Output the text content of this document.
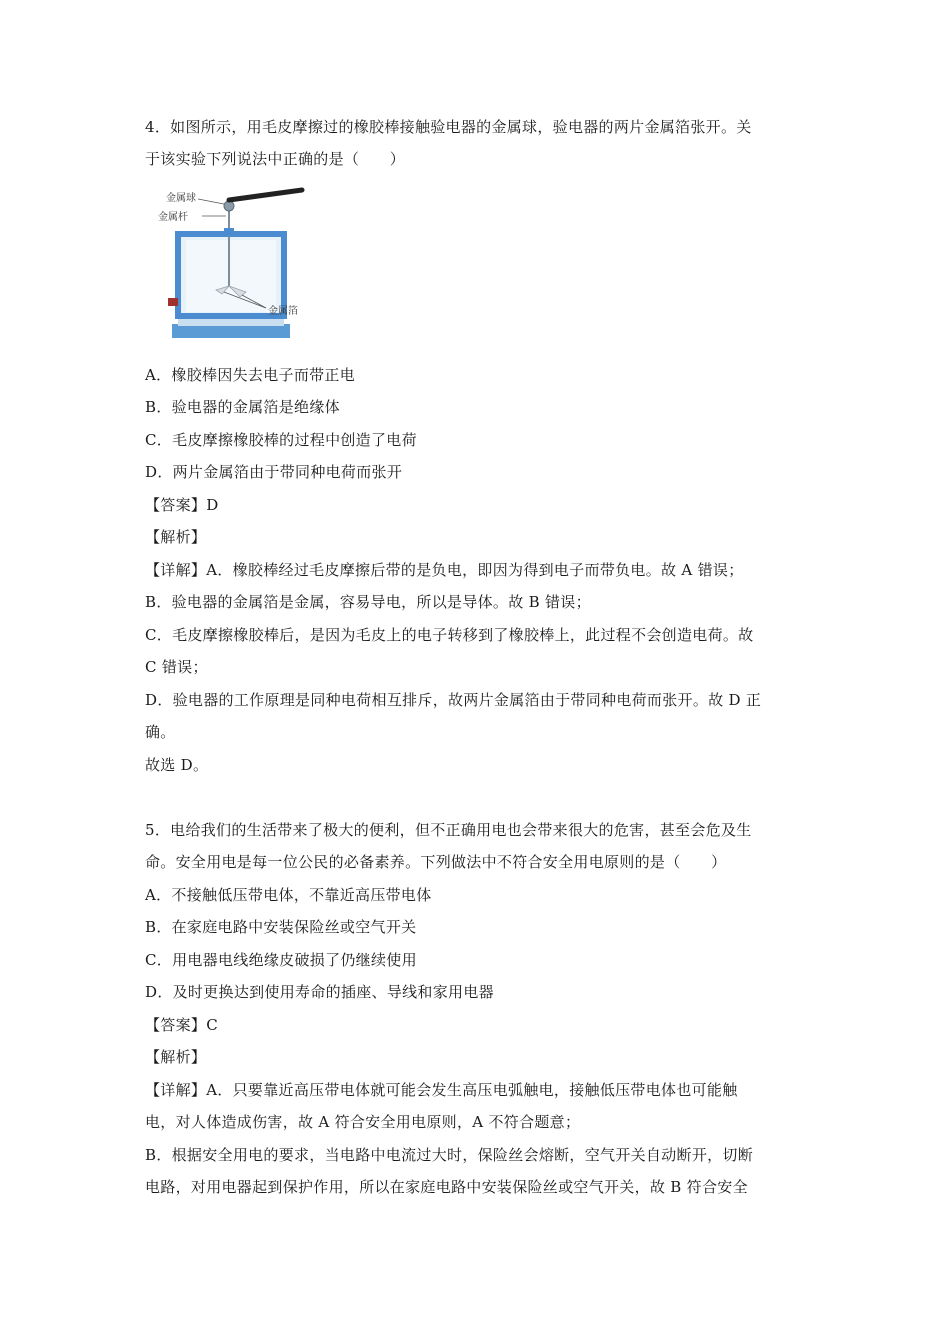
4．如图所示，用毛皮摩擦过的橡胶棒接触验电器的金属球，验电器的两片金属箔张开。关
于该实验下列说法中正确的是（　　）
金属球
金属杆
金属箔
A．橡胶棒因失去电子而带正电
B．验电器的金属箔是绝缘体
C．毛皮摩擦橡胶棒的过程中创造了电荷
D．两片金属箔由于带同种电荷而张开
【答案】D
【解析】
【详解】A．橡胶棒经过毛皮摩擦后带的是负电，即因为得到电子而带负电。故 A 错误；
B．验电器的金属箔是金属，容易导电，所以是导体。故 B 错误；
C．毛皮摩擦橡胶棒后，是因为毛皮上的电子转移到了橡胶棒上，此过程不会创造电荷。故
C 错误；
D．验电器的工作原理是同种电荷相互排斥，故两片金属箔由于带同种电荷而张开。故 D 正
确。
故选 D。
5．电给我们的生活带来了极大的便利，但不正确用电也会带来很大的危害，甚至会危及生
命。安全用电是每一位公民的必备素养。下列做法中不符合安全用电原则的是（　　）
A．不接触低压带电体，不靠近高压带电体
B．在家庭电路中安装保险丝或空气开关
C．用电器电线绝缘皮破损了仍继续使用
D．及时更换达到使用寿命的插座、导线和家用电器
【答案】C
【解析】
【详解】A．只要靠近高压带电体就可能会发生高压电弧触电，接触低压带电体也可能触
电，对人体造成伤害，故 A 符合安全用电原则，A 不符合题意；
B．根据安全用电的要求，当电路中电流过大时，保险丝会熔断，空气开关自动断开，切断
电路，对用电器起到保护作用，所以在家庭电路中安装保险丝或空气开关，故 B 符合安全
